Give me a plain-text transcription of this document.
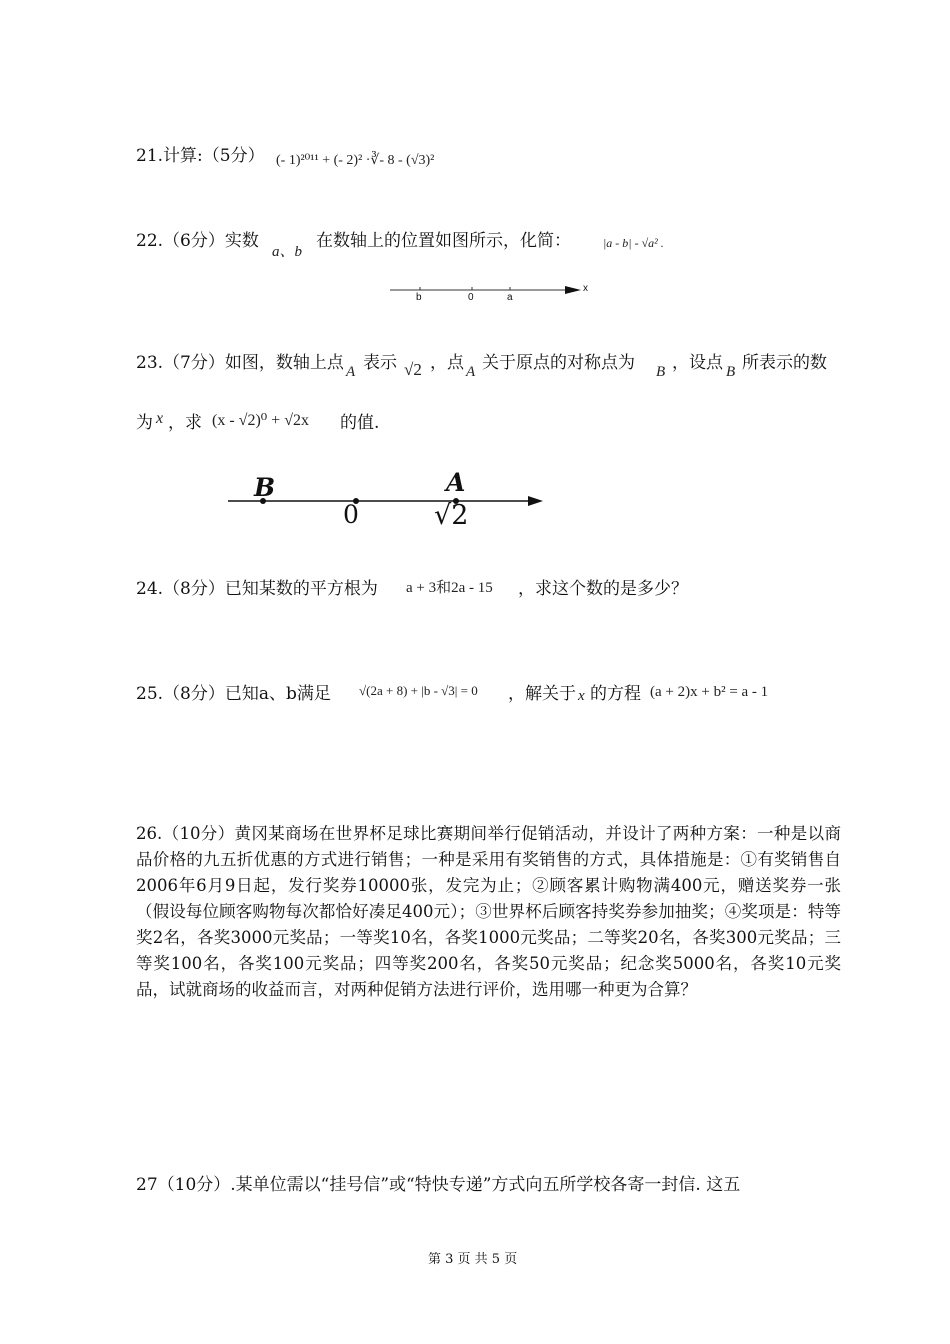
21.计算:（5分） (- 1)²⁰¹¹ + (- 2)² ·∛- 8 - (√3)²
22.（6分）实数
a、b
在数轴上的位置如图所示，化简：	|a - b| - √a² .
b	0	a
x
23.（7分）如图，数轴上点 A 表示 √2 ，点 A 关于原点的对称点为 B ，设点 B 所表示的数
为 x ，求 (x - √2)⁰ + √2x 的值.
B
0
A
√2
24.（8分）已知某数的平方根为 a + 3和2a - 15 ，求这个数的是多少？
25.（8分）已知a、b满足 √(2a + 8) + |b - √3| = 0 ，解关于 x 的方程 (a + 2)x + b² = a - 1
26.（10分）黄冈某商场在世界杯足球比赛期间举行促销活动，并设计了两种方案：一种是以商品价格的九五折优惠的方式进行销售；一种是采用有奖销售的方式，具体措施是：①有奖销售自2006年6月9日起，发行奖券10000张，发完为止；②顾客累计购物满400元，赠送奖券一张（假设每位顾客购物每次都恰好凑足400元）；③世界杯后顾客持奖券参加抽奖；④奖项是：特等奖2名，各奖3000元奖品；一等奖10名，各奖1000元奖品；二等奖20名，各奖300元奖品；三等奖100名，各奖100元奖品；四等奖200名，各奖50元奖品；纪念奖5000名，各奖10元奖品，试就商场的收益而言，对两种促销方法进行评价，选用哪一种更为合算？
27（10分）.某单位需以“挂号信”或“特快专递”方式向五所学校各寄一封信. 这五
第 3 页 共 5 页
